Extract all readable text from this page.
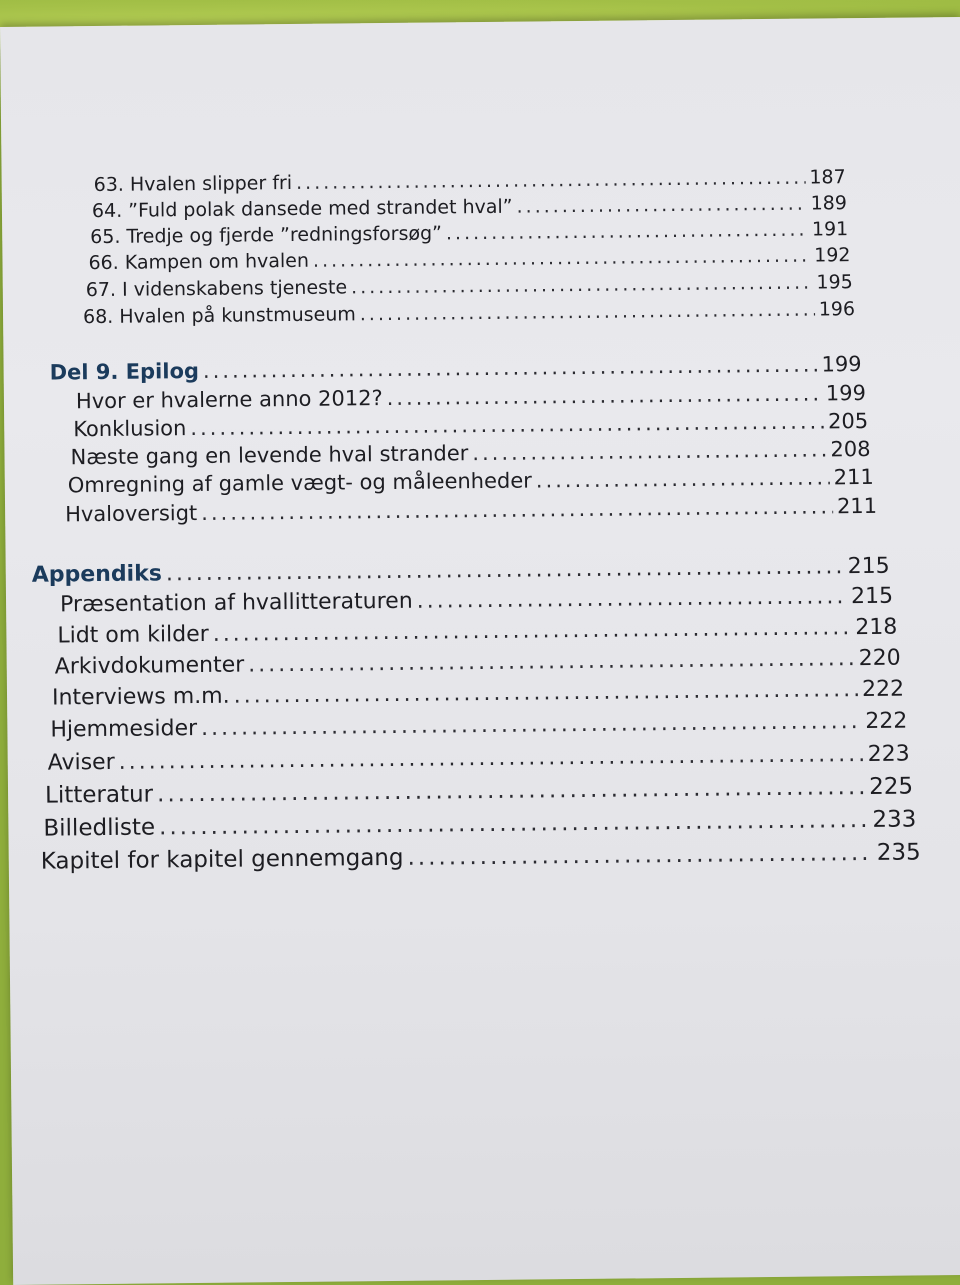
63. Hvalen slipper fri .....	187
64. ”Fuld polak dansede med strandet hval” .....	189
65. Tredje og fjerde ”redningsforsøg” .....	191
66. Kampen om hvalen .....	192
67. I videnskabens tjeneste .....	195
68. Hvalen på kunstmuseum .....	196
Del 9. Epilog .....	199
Hvor er hvalerne anno 2012? .....	199
Konklusion .....	205
Næste gang en levende hval strander .....	208
Omregning af gamle vægt- og måleenheder .....	211
Hvaloversigt .....	211
Appendiks .....	215
Præsentation af hvallitteraturen .....	215
Lidt om kilder .....	218
Arkivdokumenter .....	220
Interviews m.m. .....	222
Hjemmesider .....	222
Aviser .....	223
Litteratur .....	225
Billedliste .....	233
Kapitel for kapitel gennemgang .....	235
